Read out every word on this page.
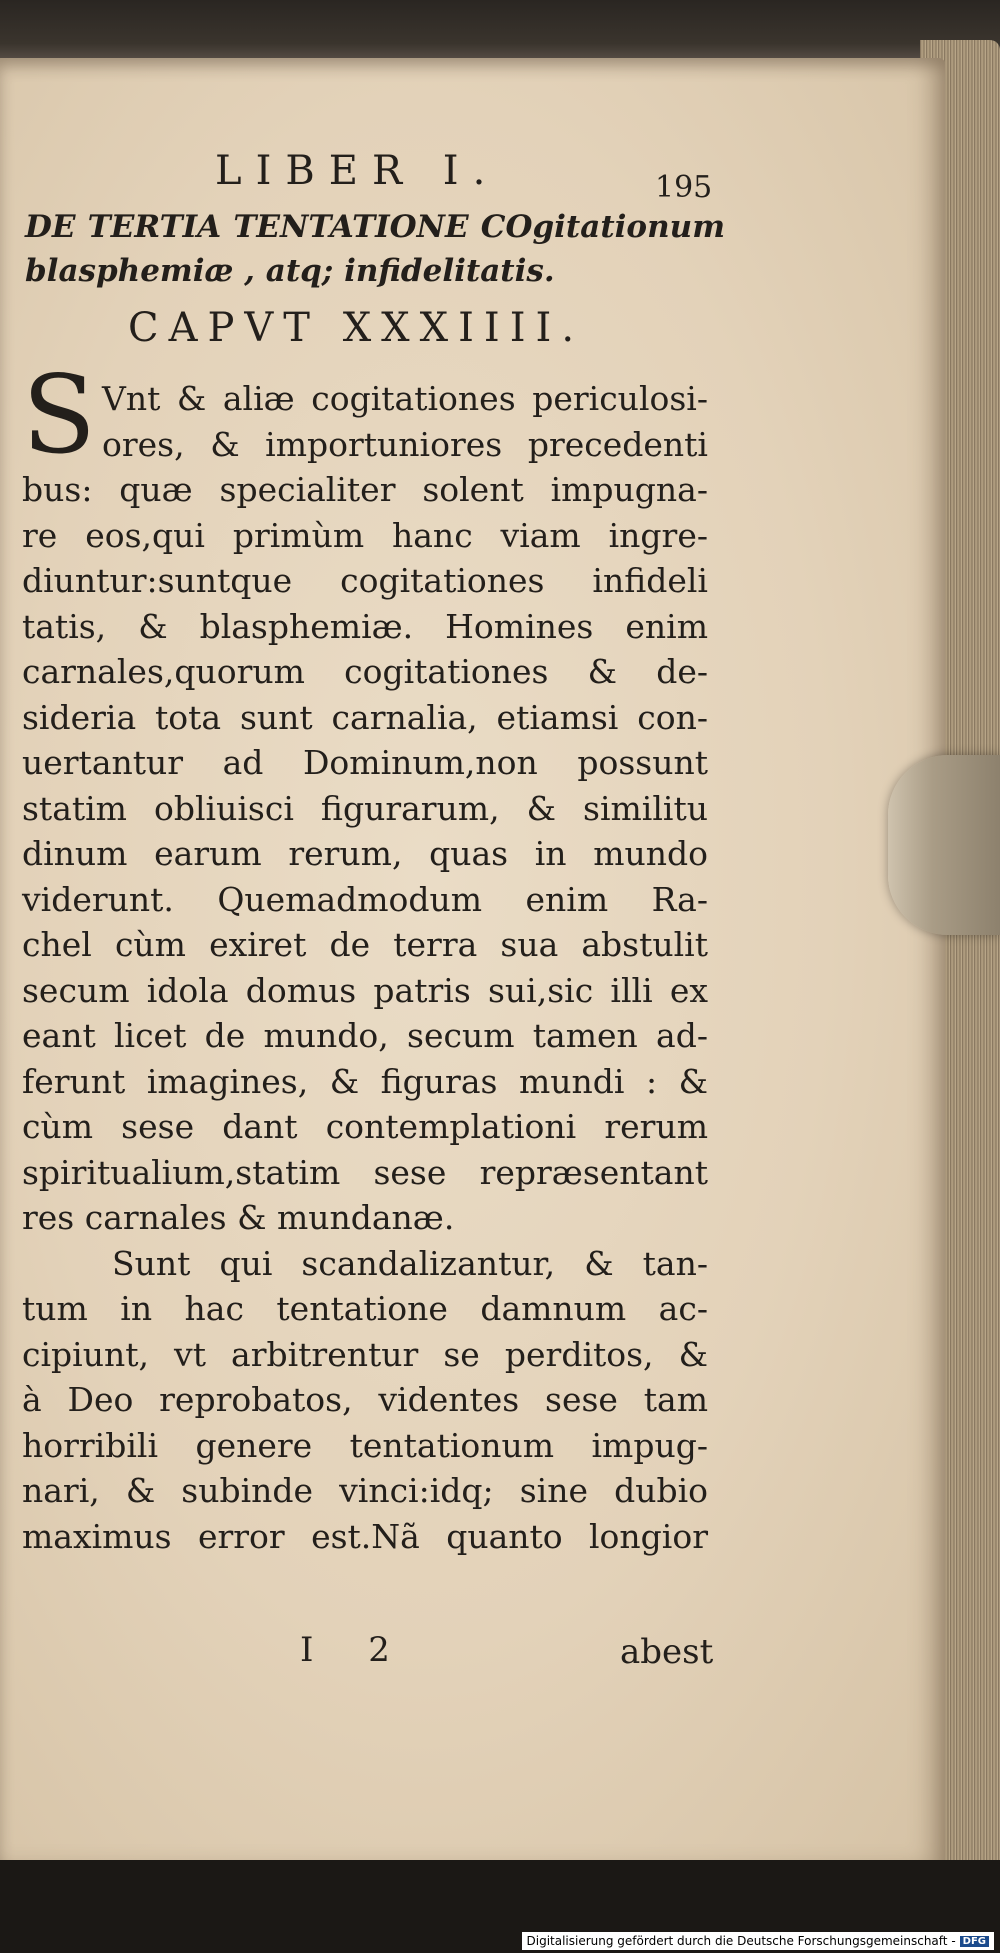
LIBER I.	195
DE TERTIA TENTATIONE COgitationum blasphemiæ , atq; infidelitatis.
CAPVT XXXIIII.
S Vnt & aliæ cogitationes periculosi-
ores, & importuniores precedenti
bus: quæ specialiter solent impugna-
re eos,qui primùm hanc viam ingre-
diuntur:suntque cogitationes infideli
tatis, & blasphemiæ. Homines enim
carnales,quorum cogitationes & de-
sideria tota sunt carnalia, etiamsi con-
uertantur ad Dominum,non possunt
statim obliuisci figurarum, & similitu
dinum earum rerum, quas in mundo
viderunt. Quemadmodum enim Ra-
chel cùm exiret de terra sua abstulit
secum idola domus patris sui,sic illi ex
eant licet de mundo, secum tamen ad-
ferunt imagines, & figuras mundi : &
cùm sese dant contemplationi rerum
spiritualium,statim sese repræsentant
res carnales & mundanæ.
Sunt qui scandalizantur, & tan-
tum in hac tentatione damnum ac-
cipiunt, vt arbitrentur se perditos, &
à Deo reprobatos, videntes sese tam
horribili genere tentationum impug-
nari, & subinde vinci:idq; sine dubio
maximus error est.Nã quanto longior
I 2	abest
Digitalisierung gefördert durch die Deutsche Forschungsgemeinschaft - DFG
